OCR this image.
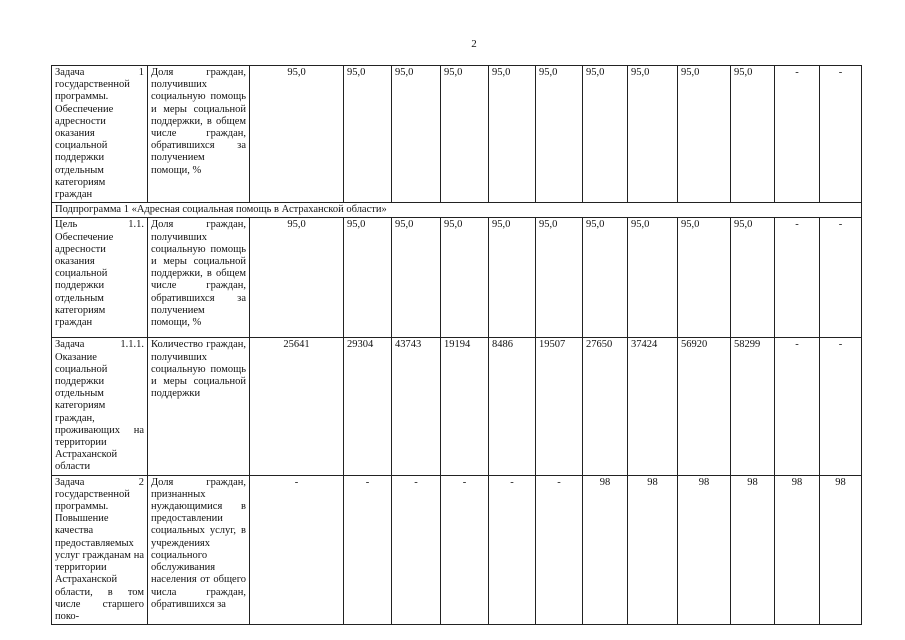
2
Задача 1 государственной программы. Обеспечение адресности оказания социальной поддержки отдельным категориям граждан	Доля граждан, получивших социальную помощь и меры социальной поддержки, в общем числе граждан, обратившихся за получением помощи, %	95,0	95,0	95,0	95,0	95,0	95,0	95,0	95,0	95,0	95,0	-	-
Подпрограмма 1 «Адресная социальная помощь в Астраханской области»													
Цель 1.1. Обеспечение адресности оказания социальной поддержки отдельным категориям граждан	Доля граждан, получивших социальную помощь и меры социальной поддержки, в общем числе граждан, обратившихся за получением помощи, %	95,0	95,0	95,0	95,0	95,0	95,0	95,0	95,0	95,0	95,0	-	-
Задача 1.1.1. Оказание социальной поддержки отдельным категориям граждан, проживающих на территории Астраханской области	Количество граждан, получивших социальную помощь и меры социальной поддержки	25641	29304	43743	19194	8486	19507	27650	37424	56920	58299	-	-
Задача 2 государственной программы. Повышение качества предоставляемых услуг гражданам на территории Астраханской области, в том числе старшего поко-	Доля граждан, признанных нуждающимися в предоставлении социальных услуг, в учреждениях социального обслуживания населения от общего числа граждан, обратившихся за	-	-	-	-	-	-	98	98	98	98	98	98
